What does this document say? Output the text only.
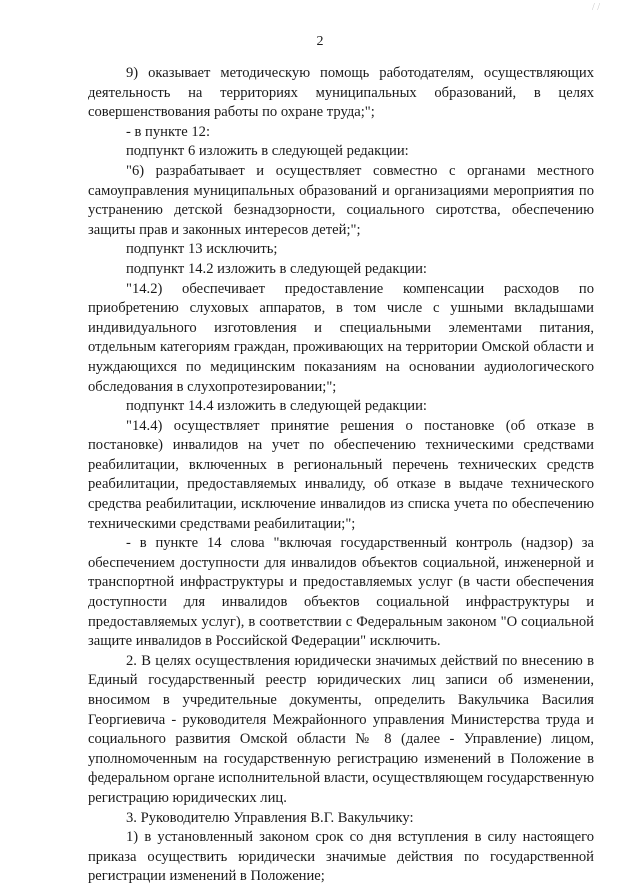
/ /
2

9) оказывает методическую помощь работодателям, осуществляющих деятельность на территориях муниципальных образований, в целях совершенствования работы по охране труда;";

- в пункте 12:

подпункт 6 изложить в следующей редакции:

"6) разрабатывает и осуществляет совместно с органами местного самоуправления муниципальных образований и организациями мероприятия по устранению детской безнадзорности, социального сиротства, обеспечению защиты прав и законных интересов детей;";

подпункт 13 исключить;

подпункт 14.2 изложить в следующей редакции:

"14.2) обеспечивает предоставление компенсации расходов по приобретению слуховых аппаратов, в том числе с ушными вкладышами индивидуального изготовления и специальными элементами питания, отдельным категориям граждан, проживающих на территории Омской области и нуждающихся по медицинским показаниям на основании аудиологического обследования в слухопротезировании;";

подпункт 14.4 изложить в следующей редакции:

"14.4) осуществляет принятие решения о постановке (об отказе в постановке) инвалидов на учет по обеспечению техническими средствами реабилитации, включенных в региональный перечень технических средств реабилитации, предоставляемых инвалиду, об отказе в выдаче технического средства реабилитации, исключение инвалидов из списка учета по обеспечению техническими средствами реабилитации;";

- в пункте 14 слова "включая государственный контроль (надзор) за обеспечением доступности для инвалидов объектов социальной, инженерной и транспортной инфраструктуры и предоставляемых услуг (в части обеспечения доступности для инвалидов объектов социальной инфраструктуры и предоставляемых услуг), в соответствии с Федеральным законом "О социальной защите инвалидов в Российской Федерации" исключить.

2. В целях осуществления юридически значимых действий по внесению в Единый государственный реестр юридических лиц записи об изменении, вносимом в учредительные документы, определить Вакульчика Василия Георгиевича - руководителя Межрайонного управления Министерства труда и социального развития Омской области № 8 (далее - Управление) лицом, уполномоченным на государственную регистрацию изменений в Положение в федеральном органе исполнительной власти, осуществляющем государственную регистрацию юридических лиц.

3. Руководителю Управления В.Г. Вакульчику:

1) в установленный законом срок со дня вступления в силу настоящего приказа осуществить юридически значимые действия по государственной регистрации изменений в Положение;
